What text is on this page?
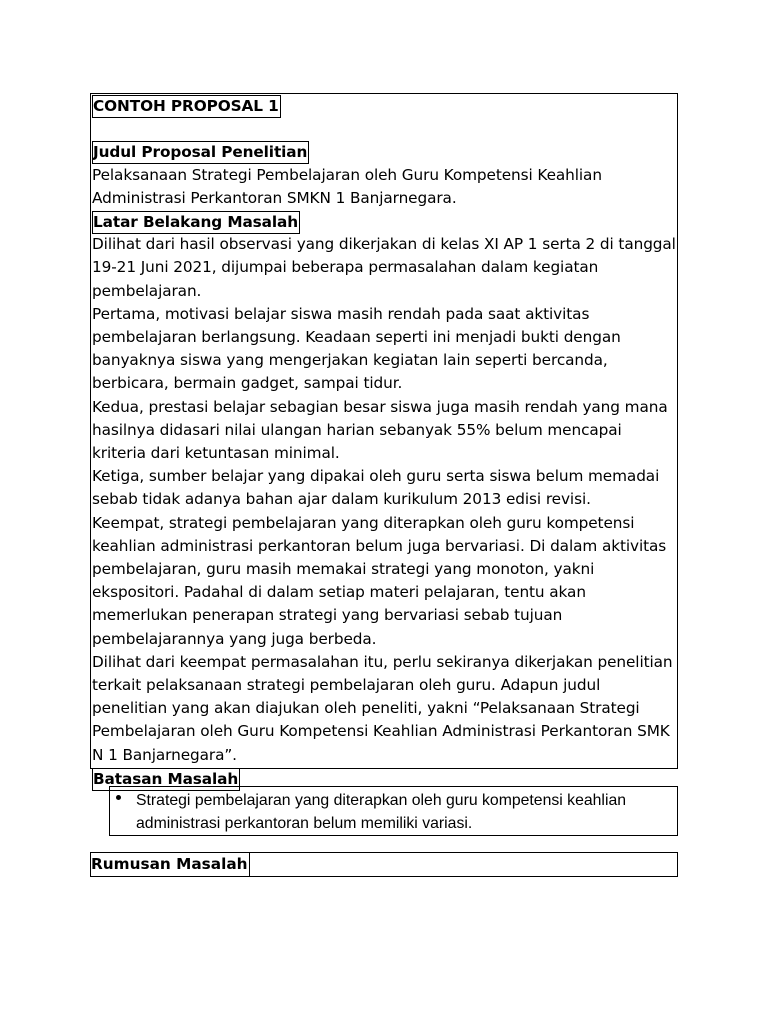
CONTOH PROPOSAL 1
Judul Proposal Penelitian

Pelaksanaan Strategi Pembelajaran oleh Guru Kompetensi Keahlian Administrasi Perkantoran SMKN 1 Banjarnegara.

Latar Belakang Masalah

Dilihat dari hasil observasi yang dikerjakan di kelas XI AP 1 serta 2 di tanggal 19-21 Juni 2021, dijumpai beberapa permasalahan dalam kegiatan pembelajaran.

Pertama, motivasi belajar siswa masih rendah pada saat aktivitas pembelajaran berlangsung. Keadaan seperti ini menjadi bukti dengan banyaknya siswa yang mengerjakan kegiatan lain seperti bercanda, berbicara, bermain gadget, sampai tidur.

Kedua, prestasi belajar sebagian besar siswa juga masih rendah yang mana hasilnya didasari nilai ulangan harian sebanyak 55% belum mencapai kriteria dari ketuntasan minimal.

Ketiga, sumber belajar yang dipakai oleh guru serta siswa belum memadai sebab tidak adanya bahan ajar dalam kurikulum 2013 edisi revisi.

Keempat, strategi pembelajaran yang diterapkan oleh guru kompetensi keahlian administrasi perkantoran belum juga bervariasi. Di dalam aktivitas pembelajaran, guru masih memakai strategi yang monoton, yakni ekspositori. Padahal di dalam setiap materi pelajaran, tentu akan memerlukan penerapan strategi yang bervariasi sebab tujuan pembelajarannya yang juga berbeda.

Dilihat dari keempat permasalahan itu, perlu sekiranya dikerjakan penelitian terkait pelaksanaan strategi pembelajaran oleh guru. Adapun judul penelitian yang akan diajukan oleh peneliti, yakni “Pelaksanaan Strategi Pembelajaran oleh Guru Kompetensi Keahlian Administrasi Perkantoran SMK N 1 Banjarnegara”.

Batasan Masalah
Strategi pembelajaran yang diterapkan oleh guru kompetensi keahlian administrasi perkantoran belum memiliki variasi.
Rumusan Masalah
